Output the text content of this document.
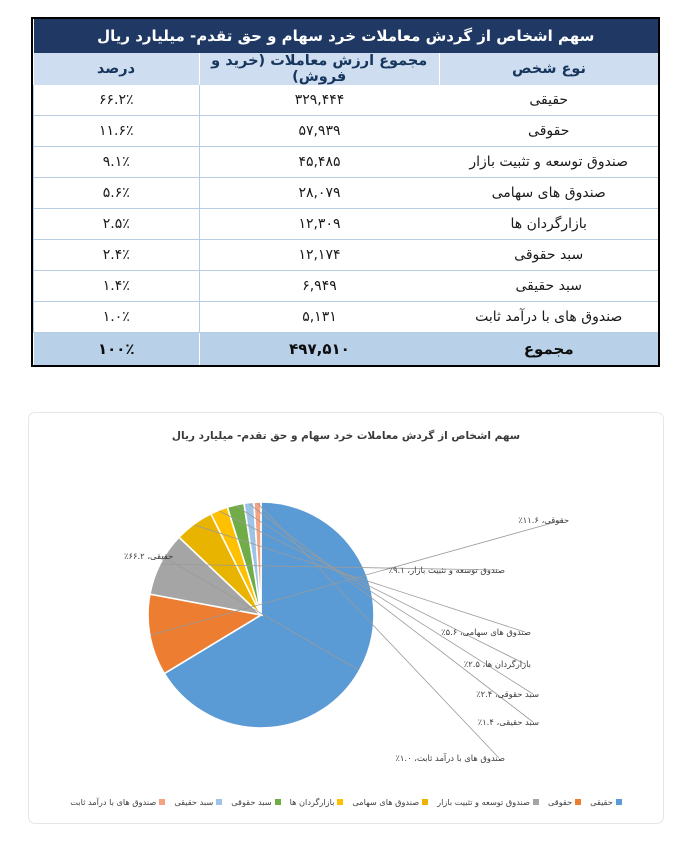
سهم اشخاص از گردش معاملات خرد سهام و حق تقدم- میلیارد ریال		
نوع شخص	مجموع ارزش معاملات (خرید و فروش)	درصد
حقیقی	۳۲۹,۴۴۴	۶۶.۲٪
حقوقی	۵۷,۹۳۹	۱۱.۶٪
صندوق توسعه و تثبیت بازار	۴۵,۴۸۵	۹.۱٪
صندوق های سهامی	۲۸,۰۷۹	۵.۶٪
بازارگردان ها	۱۲,۳۰۹	۲.۵٪
سبد حقوقی	۱۲,۱۷۴	۲.۴٪
سبد حقیقی	۶,۹۴۹	۱.۴٪
صندوق های با درآمد ثابت	۵,۱۳۱	۱.۰٪
مجموع	۴۹۷,۵۱۰	۱۰۰٪
سهم اشخاص از گردش معاملات خرد سهام و حق تقدم- میلیارد ریال
حقیقی، ۶۶.۲٪
حقوقی، ۱۱.۶٪
صندوق توسعه و تثبیت بازار، ۹.۱٪
صندوق های سهامی، ۵.۶٪
بازارگردان ها، ۲.۵٪
سبد حقوقی، ۲.۴٪
سبد حقیقی، ۱.۴٪
صندوق های با درآمد ثابت، ۱.۰٪
حقیقی
حقوقی
صندوق توسعه و تثبیت بازار
صندوق های سهامی
بازارگردان ها
سبد حقوقی
سبد حقیقی
صندوق های با درآمد ثابت
